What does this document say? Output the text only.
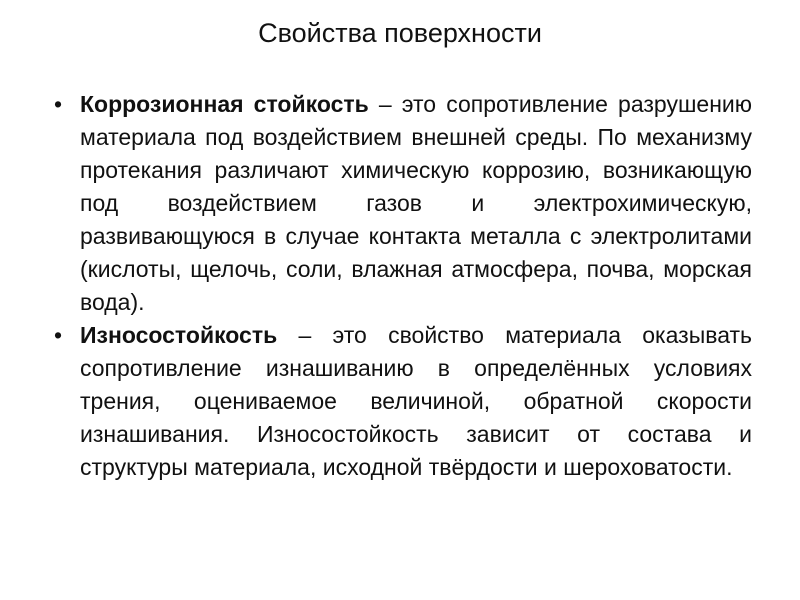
Свойства поверхности
• Коррозионная стойкость – это сопротивление разрушению материала под воздействием внешней среды. По механизму протекания различают химическую коррозию, возникающую под воздействием газов и электрохимическую, развивающуюся в случае контакта металла с электролитами (кислоты, щелочь, соли, влажная атмосфера, почва, морская вода).
• Износостойкость – это свойство материала оказывать сопротивление изнашиванию в определённых условиях трения, оцениваемое величиной, обратной скорости изнашивания. Износостойкость зависит от состава и структуры материала, исходной твёрдости и шероховатости.
